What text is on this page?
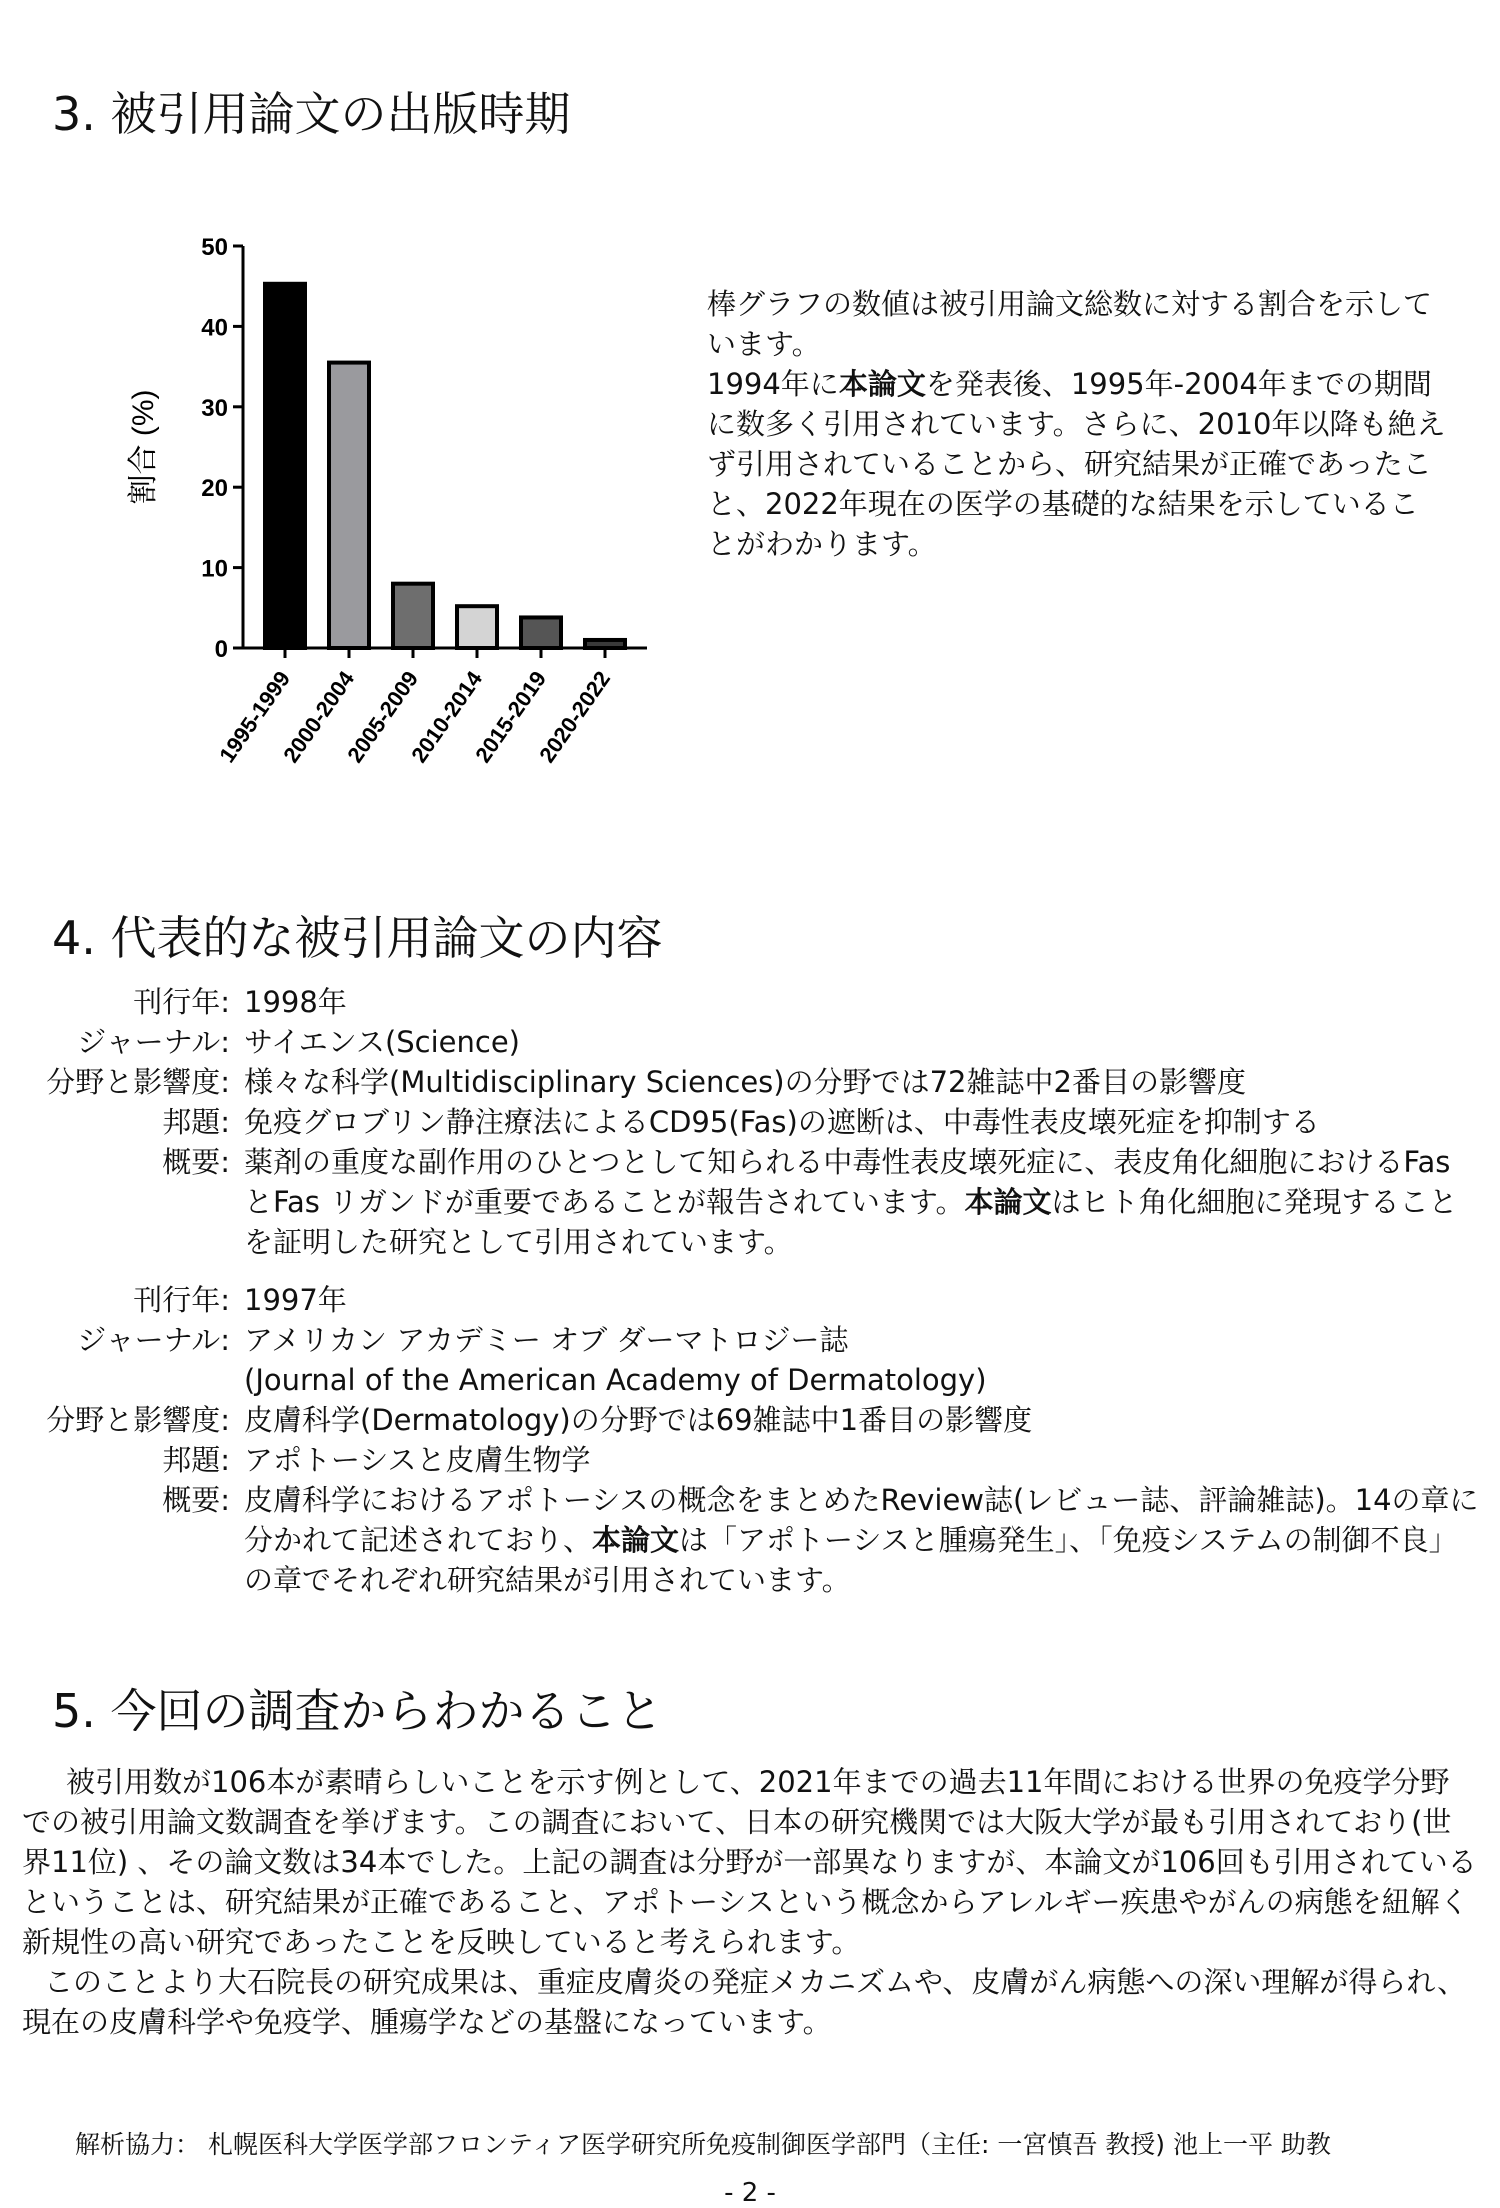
3. 被引用論文の出版時期
0
10
20
30
40
50
割合 (%)
1995-1999
2000-2004
2005-2009
2010-2014
2015-2019
2020-2022

棒グラフの数値は被引用論文総数に対する割合を示しています。

1994年に本論文を発表後、1995年-2004年までの期間に数多く引用されています。さらに、2010年以降も絶えず引用されていることから、研究結果が正確であったこと、2022年現在の医学の基礎的な結果を示していることがわかります。

4. 代表的な被引用論文の内容
刊行年: 1998年
ジャーナル: サイエンス(Science)
分野と影響度: 様々な科学(Multidisciplinary Sciences)の分野では72雑誌中2番目の影響度
邦題: 免疫グロブリン静注療法によるCD95(Fas)の遮断は、中毒性表皮壊死症を抑制する
概要: 薬剤の重度な副作用のひとつとして知られる中毒性表皮壊死症に、表皮角化細胞におけるFas とFas リガンドが重要であることが報告されています。本論文はヒト角化細胞に発現することを証明した研究として引用されています。
刊行年: 1997年
ジャーナル: アメリカン アカデミー オブ ダーマトロジー誌
(Journal of the American Academy of Dermatology)
分野と影響度: 皮膚科学(Dermatology)の分野では69雑誌中1番目の影響度
邦題: アポトーシスと皮膚生物学
概要: 皮膚科学におけるアポトーシスの概念をまとめたReview誌(レビュー誌、評論雑誌)。14の章に分かれて記述されており、本論文は「アポトーシスと腫瘍発生」、「免疫システムの制御不良」の章でそれぞれ研究結果が引用されています。
5. 今回の調査からわかること

被引用数が106本が素晴らしいことを示す例として、2021年までの過去11年間における世界の免疫学分野での被引用論文数調査を挙げます。この調査において、日本の研究機関では大阪大学が最も引用されており(世界11位) 、その論文数は34本でした。上記の調査は分野が一部異なりますが、本論文が106回も引用されているということは、研究結果が正確であること、アポトーシスという概念からアレルギー疾患やがんの病態を紐解く新規性の高い研究であったことを反映していると考えられます。

このことより大石院長の研究成果は、重症皮膚炎の発症メカニズムや、皮膚がん病態への深い理解が得られ、現在の皮膚科学や免疫学、腫瘍学などの基盤になっています。

解析協力： 札幌医科大学医学部フロンティア医学研究所免疫制御医学部門（主任: 一宮慎吾 教授) 池上一平 助教
- 2 -
